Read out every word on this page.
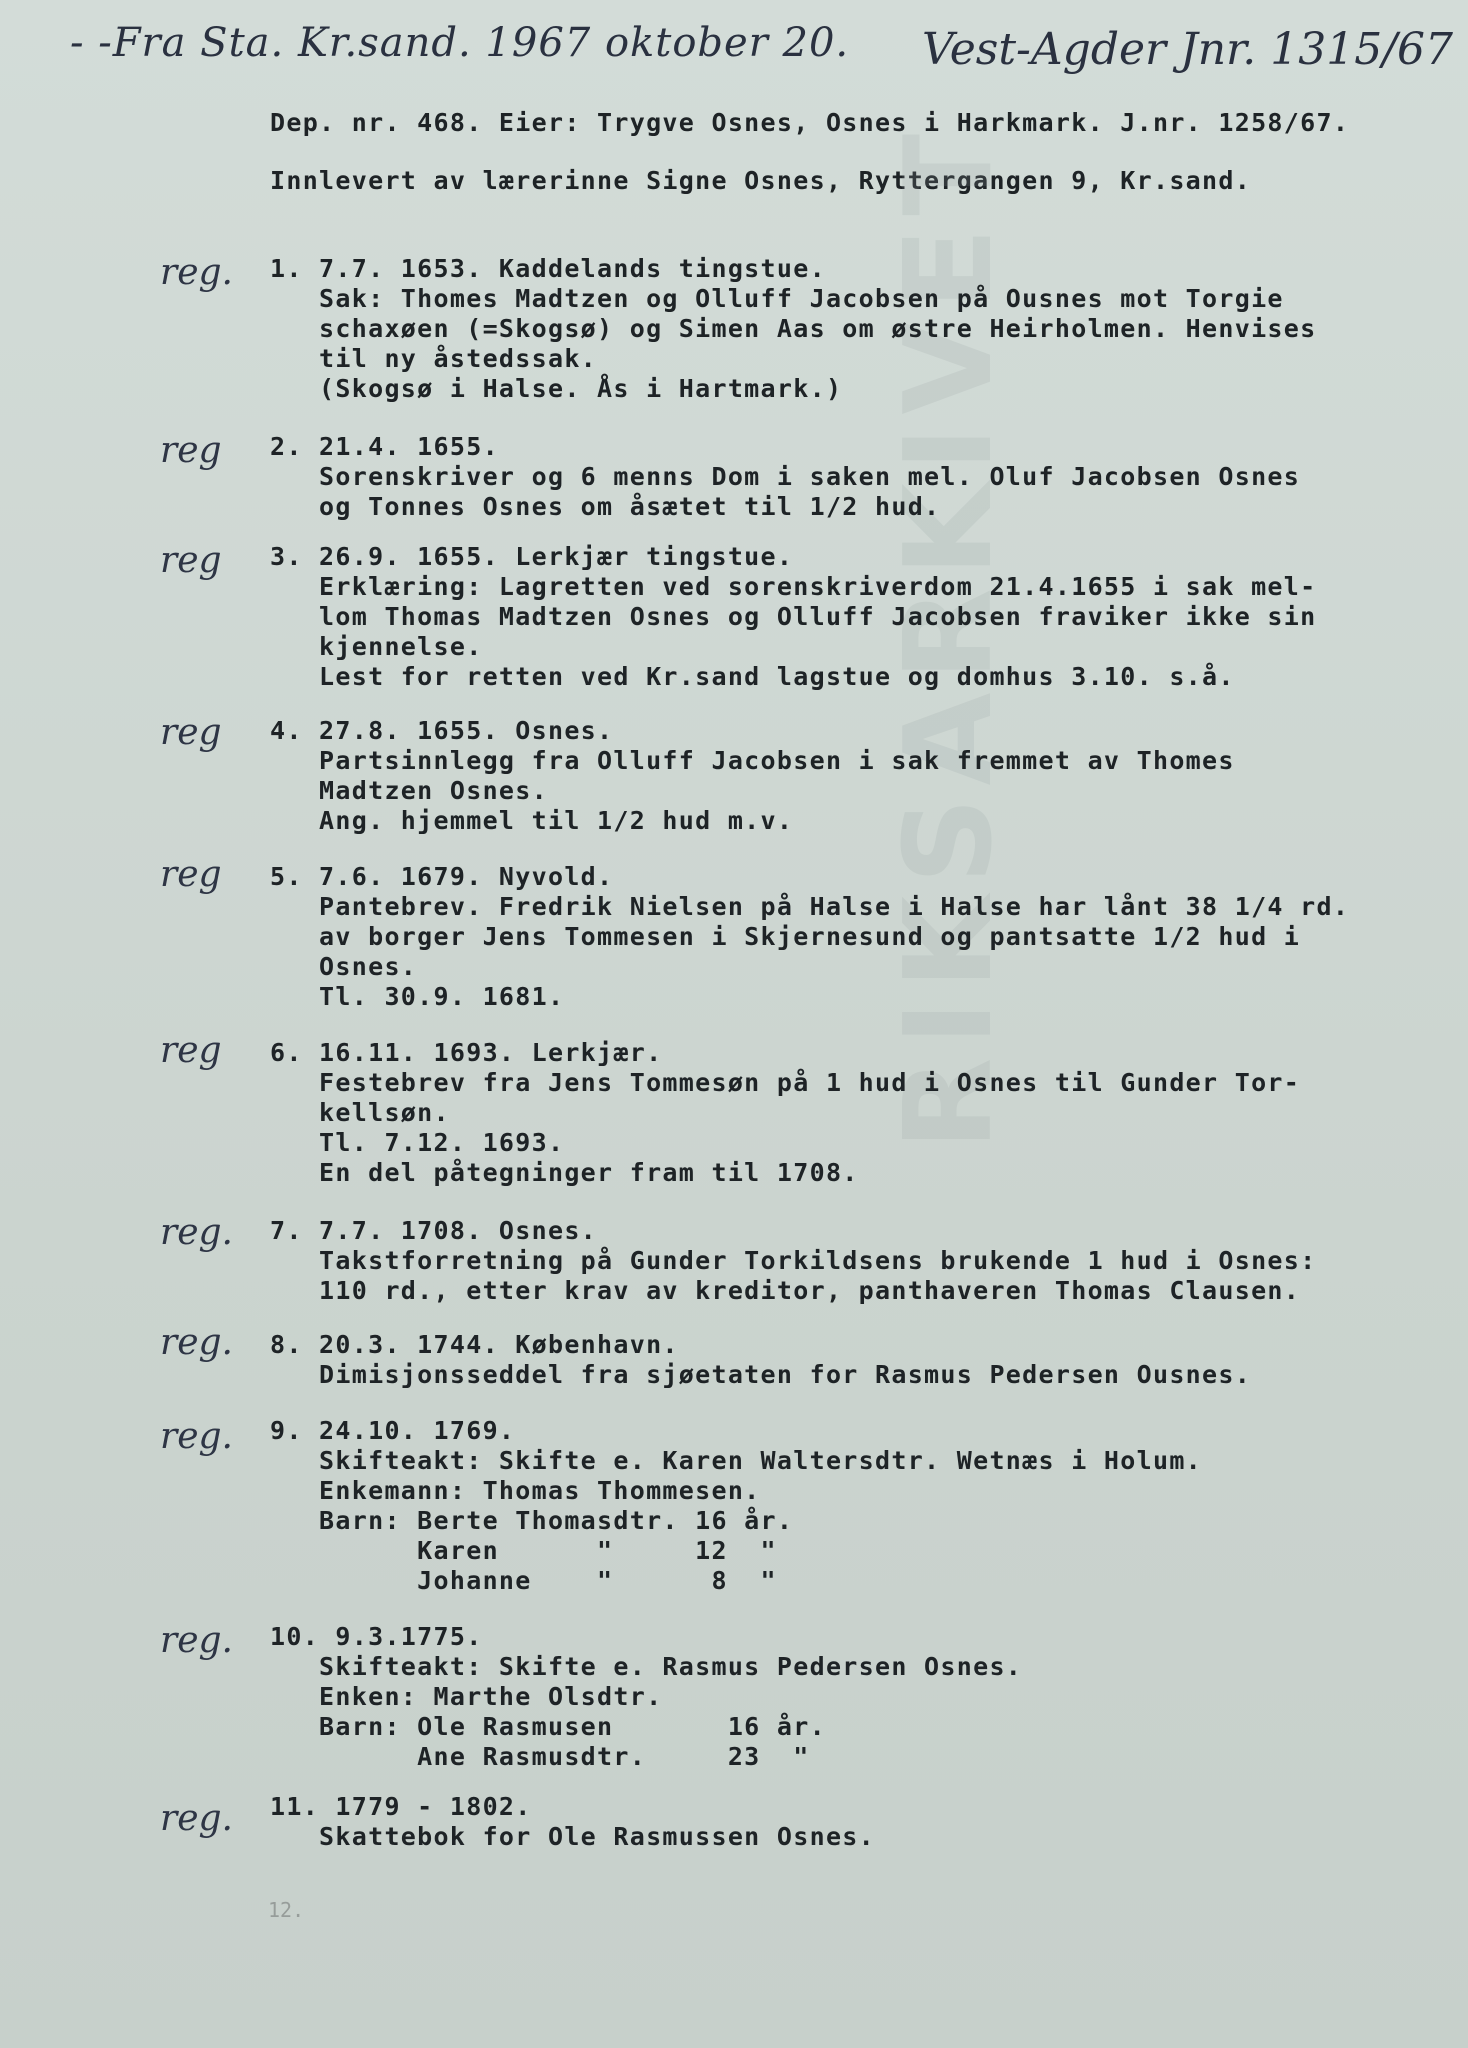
- -Fra Sta. Kr.sand. 1967 oktober 20. Vest-Agder Jnr. 1315/67
Dep. nr. 468. Eier: Trygve Osnes, Osnes i Harkmark. J.nr. 1258/67.
Innlevert av lærerinne Signe Osnes, Ryttergangen 9, Kr.sand.
RIKSARKIVET
reg. 1. 7.7. 1653. Kaddelands tingstue.
Sak: Thomes Madtzen og Olluff Jacobsen på Ousnes mot Torgie
schaxøen (=Skogsø) og Simen Aas om østre Heirholmen. Henvises
til ny åstedssak.
(Skogsø i Halse. Ås i Hartmark.)
reg 2. 21.4. 1655.
Sorenskriver og 6 menns Dom i saken mel. Oluf Jacobsen Osnes
og Tonnes Osnes om åsætet til 1/2 hud.
reg 3. 26.9. 1655. Lerkjær tingstue.
Erklæring: Lagretten ved sorenskriverdom 21.4.1655 i sak mel-
lom Thomas Madtzen Osnes og Olluff Jacobsen fraviker ikke sin
kjennelse.
Lest for retten ved Kr.sand lagstue og domhus 3.10. s.å.
reg 4. 27.8. 1655. Osnes.
Partsinnlegg fra Olluff Jacobsen i sak fremmet av Thomes
Madtzen Osnes.
Ang. hjemmel til 1/2 hud m.v.
reg 5. 7.6. 1679. Nyvold.
Pantebrev. Fredrik Nielsen på Halse i Halse har lånt 38 1/4 rd.
av borger Jens Tommesen i Skjernesund og pantsatte 1/2 hud i
Osnes.
Tl. 30.9. 1681.
reg 6. 16.11. 1693. Lerkjær.
Festebrev fra Jens Tommesøn på 1 hud i Osnes til Gunder Tor-
kellsøn.
Tl. 7.12. 1693.
En del påtegninger fram til 1708.
reg. 7. 7.7. 1708. Osnes.
Takstforretning på Gunder Torkildsens brukende 1 hud i Osnes:
110 rd., etter krav av kreditor, panthaveren Thomas Clausen.
reg. 8. 20.3. 1744. København.
Dimisjonsseddel fra sjøetaten for Rasmus Pedersen Ousnes.
reg. 9. 24.10. 1769.
Skifteakt: Skifte e. Karen Waltersdtr. Wetnæs i Holum.
Enkemann: Thomas Thommesen.
Barn: Berte Thomasdtr. 16 år.
Karen      "     12  "
Johanne    "      8  "
reg. 10. 9.3.1775.
Skifteakt: Skifte e. Rasmus Pedersen Osnes.
Enken: Marthe Olsdtr.
Barn: Ole Rasmusen       16 år.
Ane Rasmusdtr.     23  "
reg. 11. 1779 - 1802.
Skattebok for Ole Rasmussen Osnes.
12.
